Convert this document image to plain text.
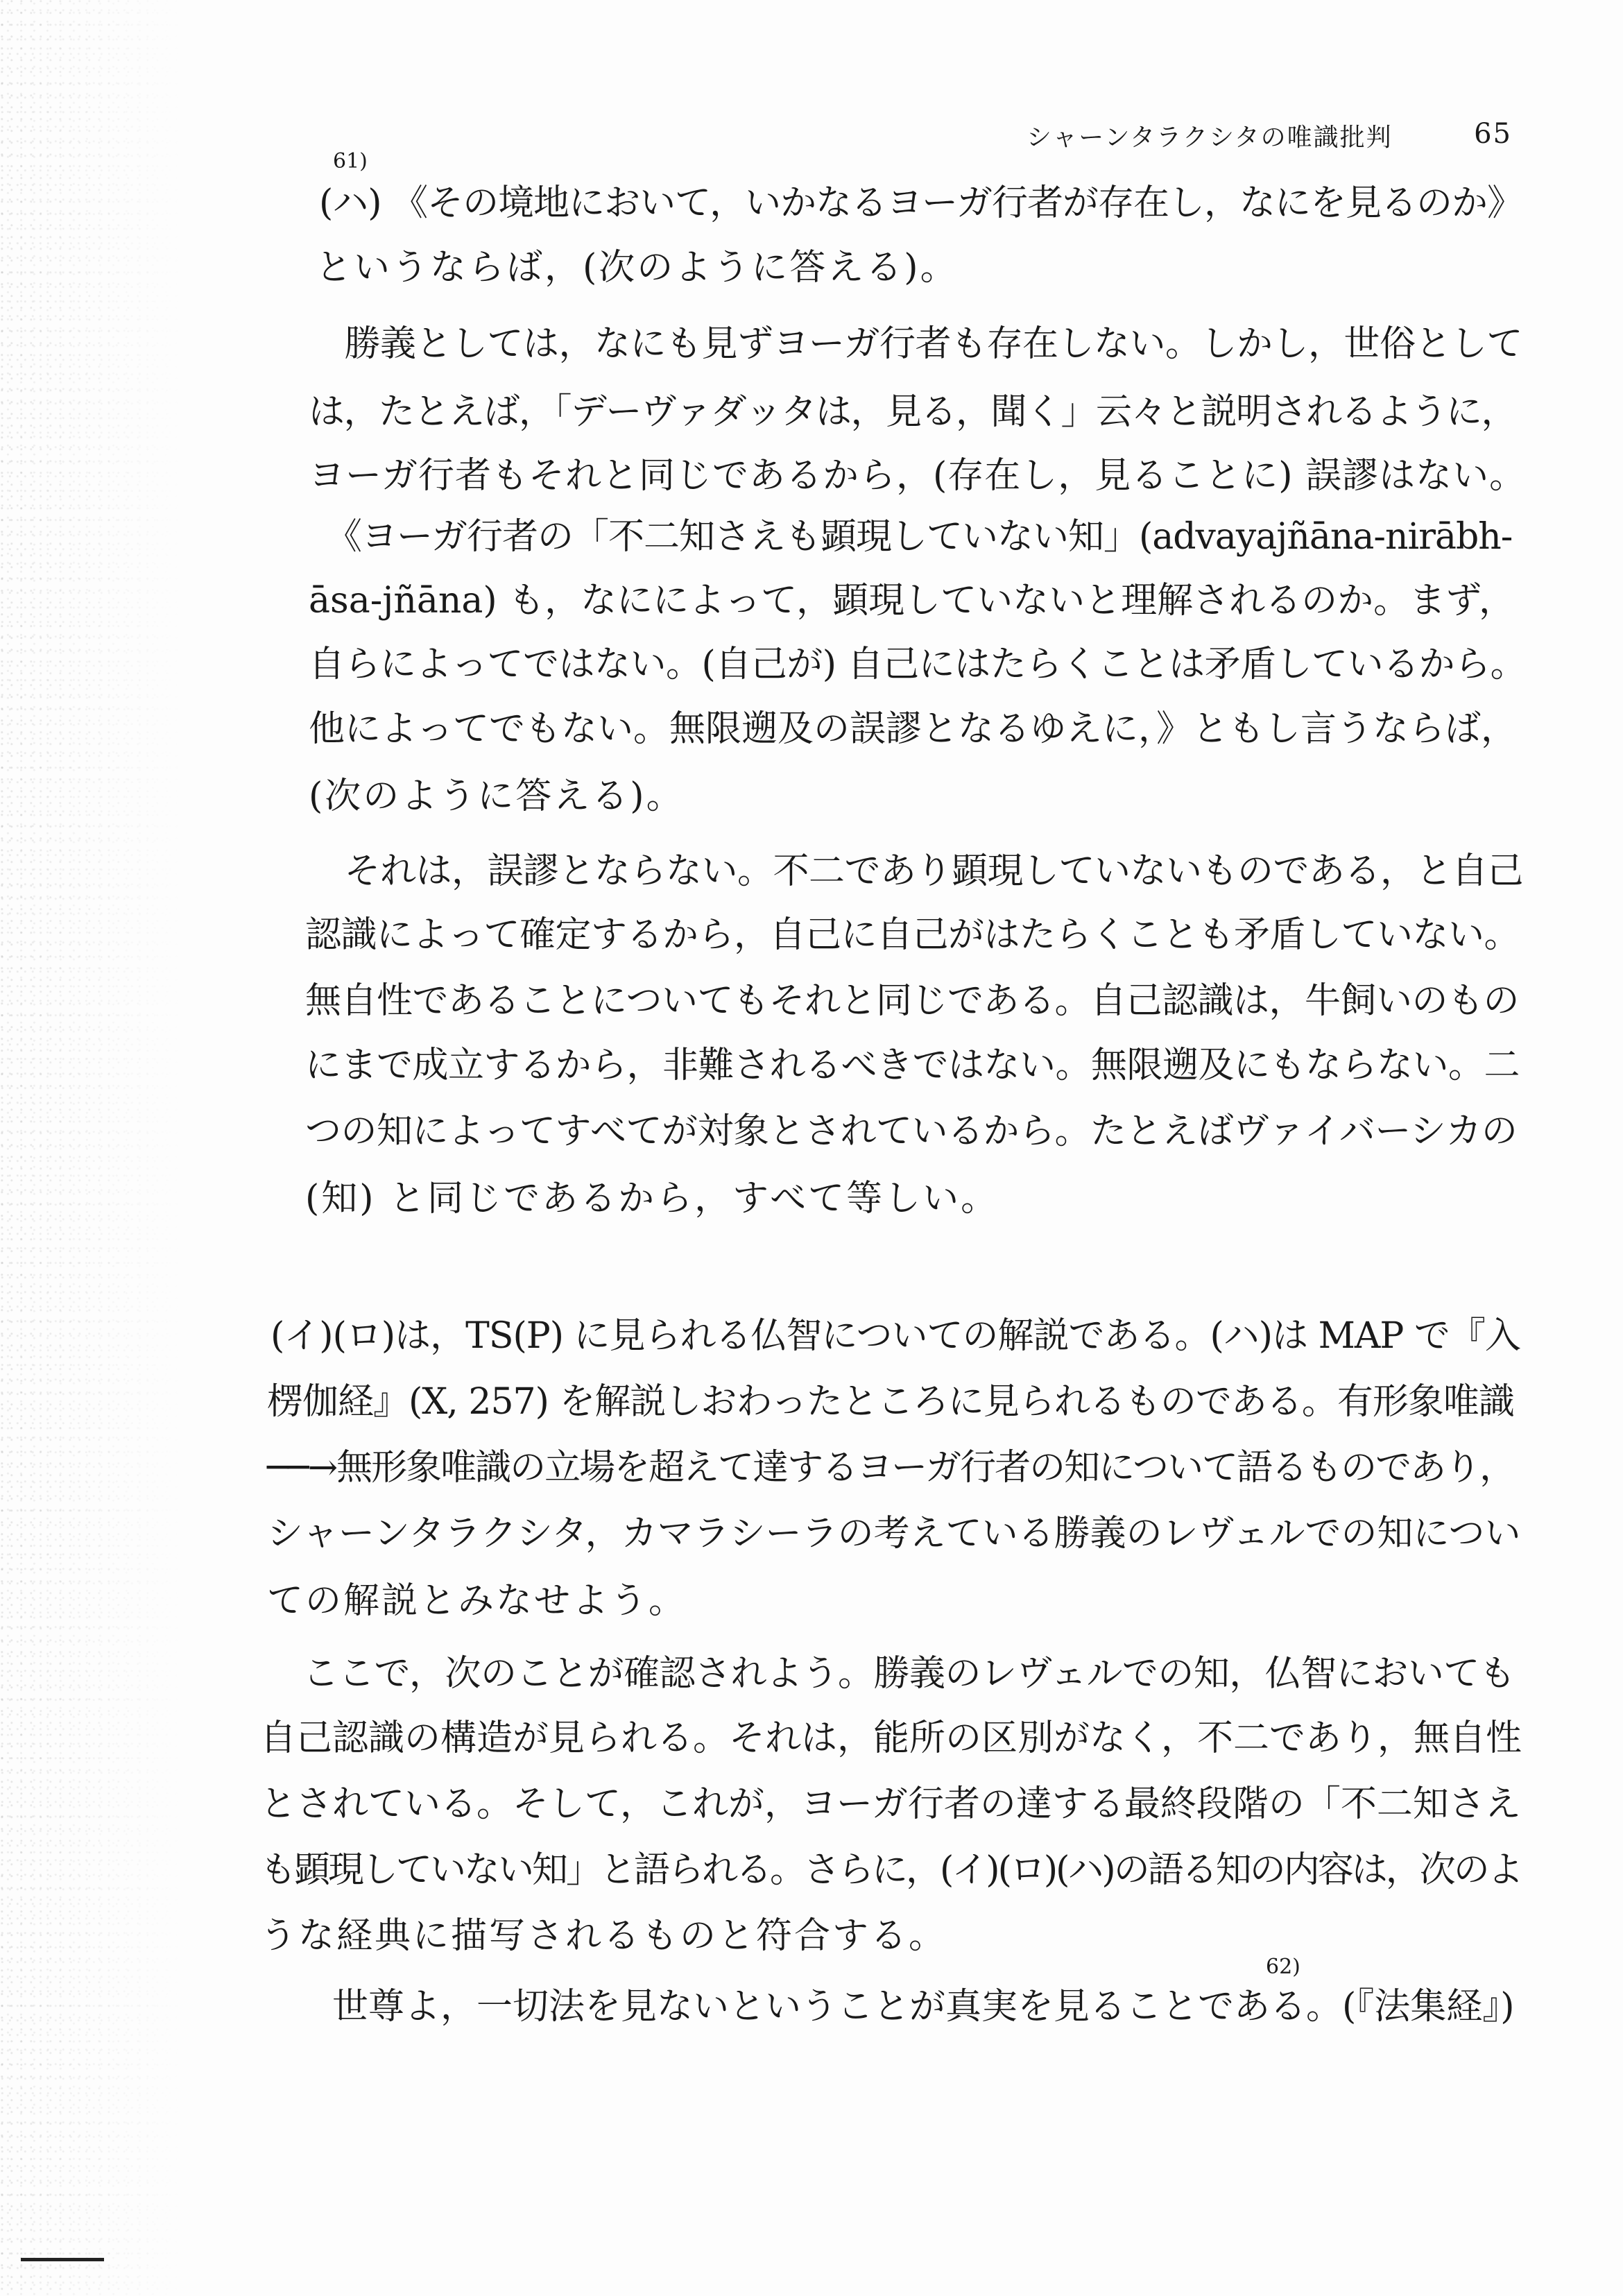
シャーンタラクシタの唯識批判	65
61)
62)
(ハ) 《その境地において，いかなるヨーガ行者が存在し，なにを見るのか》
というならば，(次のように答える)。
　勝義としては，なにも見ずヨーガ行者も存在しない。しかし，世俗として
は，たとえば，「デーヴァダッタは，見る，聞く」云々と説明されるように，
ヨーガ行者もそれと同じであるから，(存在し，見ることに) 誤謬はない。
　《ヨーガ行者の「不二知さえも顕現していない知」(advayajñāna-nirābh-
āsa-jñāna) も，なにによって，顕現していないと理解されるのか。まず，
自らによってではない。(自己が) 自己にはたらくことは矛盾しているから。
他によってでもない。無限遡及の誤謬となるゆえに，》ともし言うならば，
(次のように答える)。
　それは，誤謬とならない。不二であり顕現していないものである，と自己
認識によって確定するから，自己に自己がはたらくことも矛盾していない。
無自性であることについてもそれと同じである。自己認識は，牛飼いのもの
にまで成立するから，非難されるべきではない。無限遡及にもならない。二
つの知によってすべてが対象とされているから。たとえばヴァイバーシカの
(知) と同じであるから，すべて等しい。
(イ)(ロ)は，TS(P) に見られる仏智についての解説である。(ハ)は MAP で『入
楞伽経』(X, 257) を解説しおわったところに見られるものである。有形象唯識
──→無形象唯識の立場を超えて達するヨーガ行者の知について語るものであり，
シャーンタラクシタ，カマラシーラの考えている勝義のレヴェルでの知につい
ての解説とみなせよう。
　ここで，次のことが確認されよう。勝義のレヴェルでの知，仏智においても
自己認識の構造が見られる。それは，能所の区別がなく，不二であり，無自性
とされている。そして，これが，ヨーガ行者の達する最終段階の「不二知さえ
も顕現していない知」と語られる。さらに，(イ)(ロ)(ハ)の語る知の内容は，次のよ
うな経典に描写されるものと符合する。
　　世尊よ，一切法を見ないということが真実を見ることである。(『法集経』)
